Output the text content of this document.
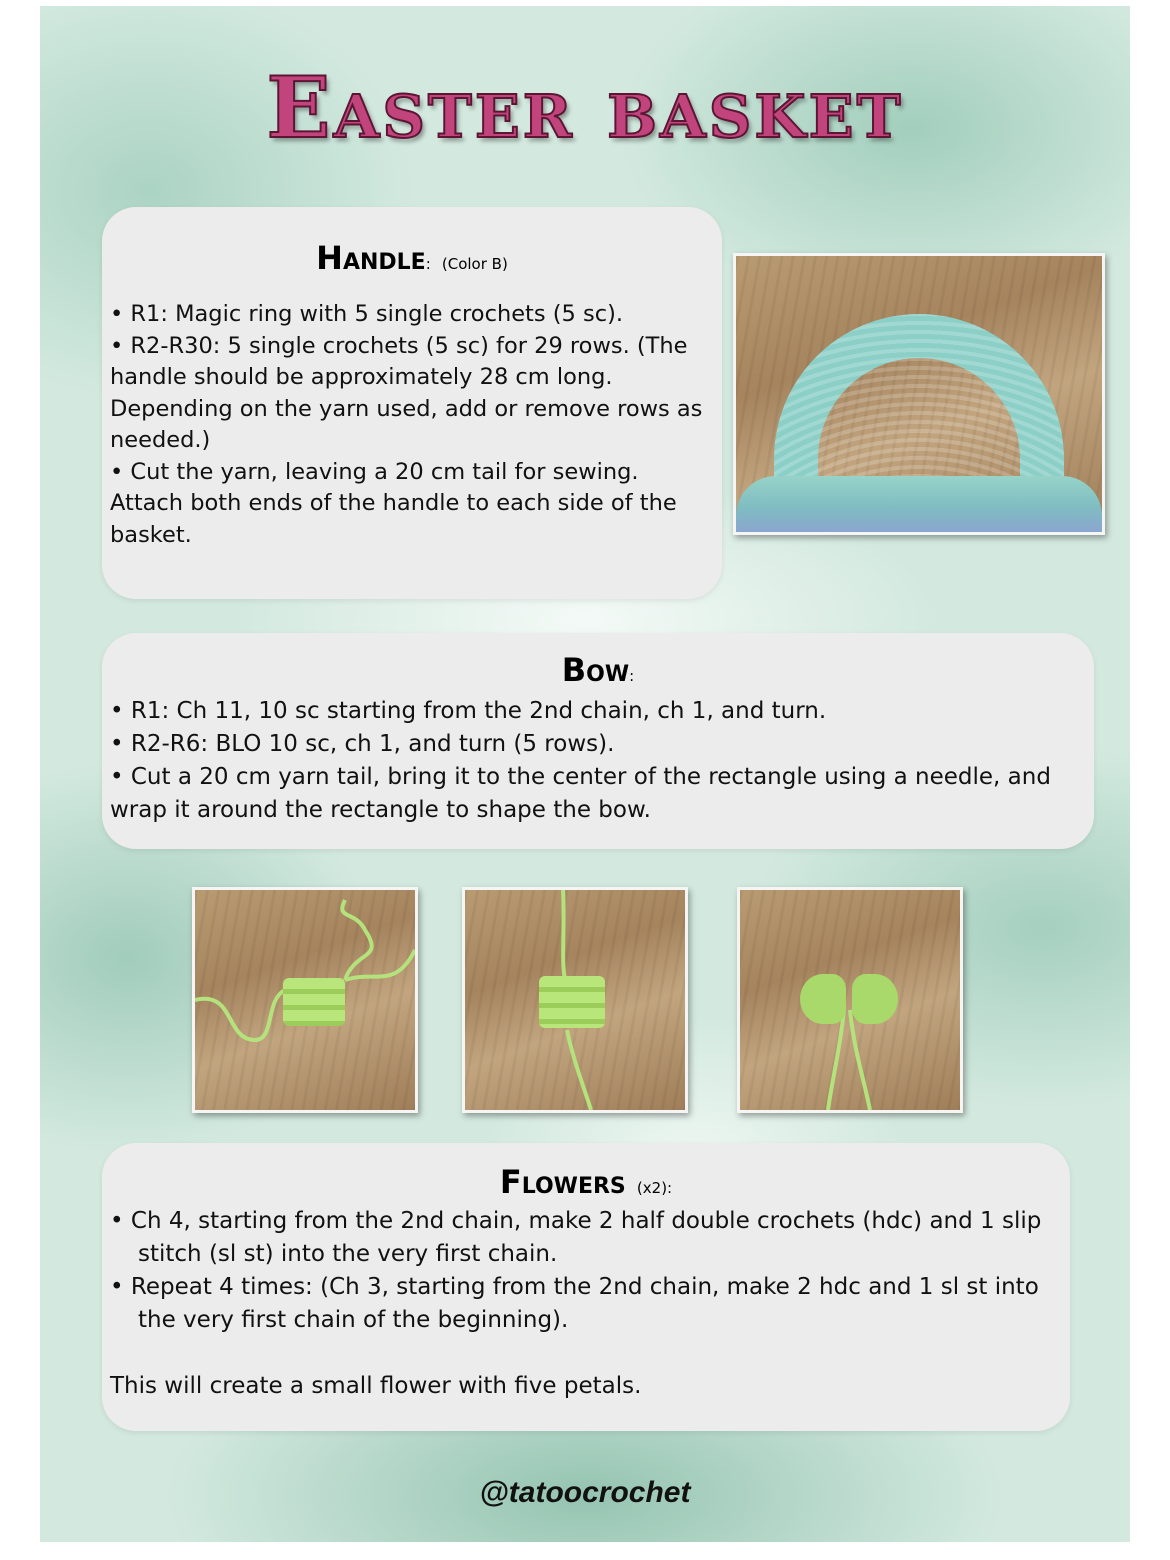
Easter basket
Handle: (Color B)

• R1: Magic ring with 5 single crochets (5 sc).

• R2-R30: 5 single crochets (5 sc) for 29 rows. (The handle should be approximately 28 cm long. Depending on the yarn used, add or remove rows as needed.)

• Cut the yarn, leaving a 20 cm tail for sewing. Attach both ends of the handle to each side of the basket.

Bow:

• R1: Ch 11, 10 sc starting from the 2nd chain, ch 1, and turn.

• R2-R6: BLO 10 sc, ch 1, and turn (5 rows).

• Cut a 20 cm yarn tail, bring it to the center of the rectangle using a needle, and wrap it around the rectangle to shape the bow.

Flowers (x2):

• Ch 4, starting from the 2nd chain, make 2 half double crochets (hdc) and 1 slip stitch (sl st) into the very first chain.

• Repeat 4 times: (Ch 3, starting from the 2nd chain, make 2 hdc and 1 sl st into the very first chain of the beginning).

This will create a small flower with five petals.

@tatoocrochet
